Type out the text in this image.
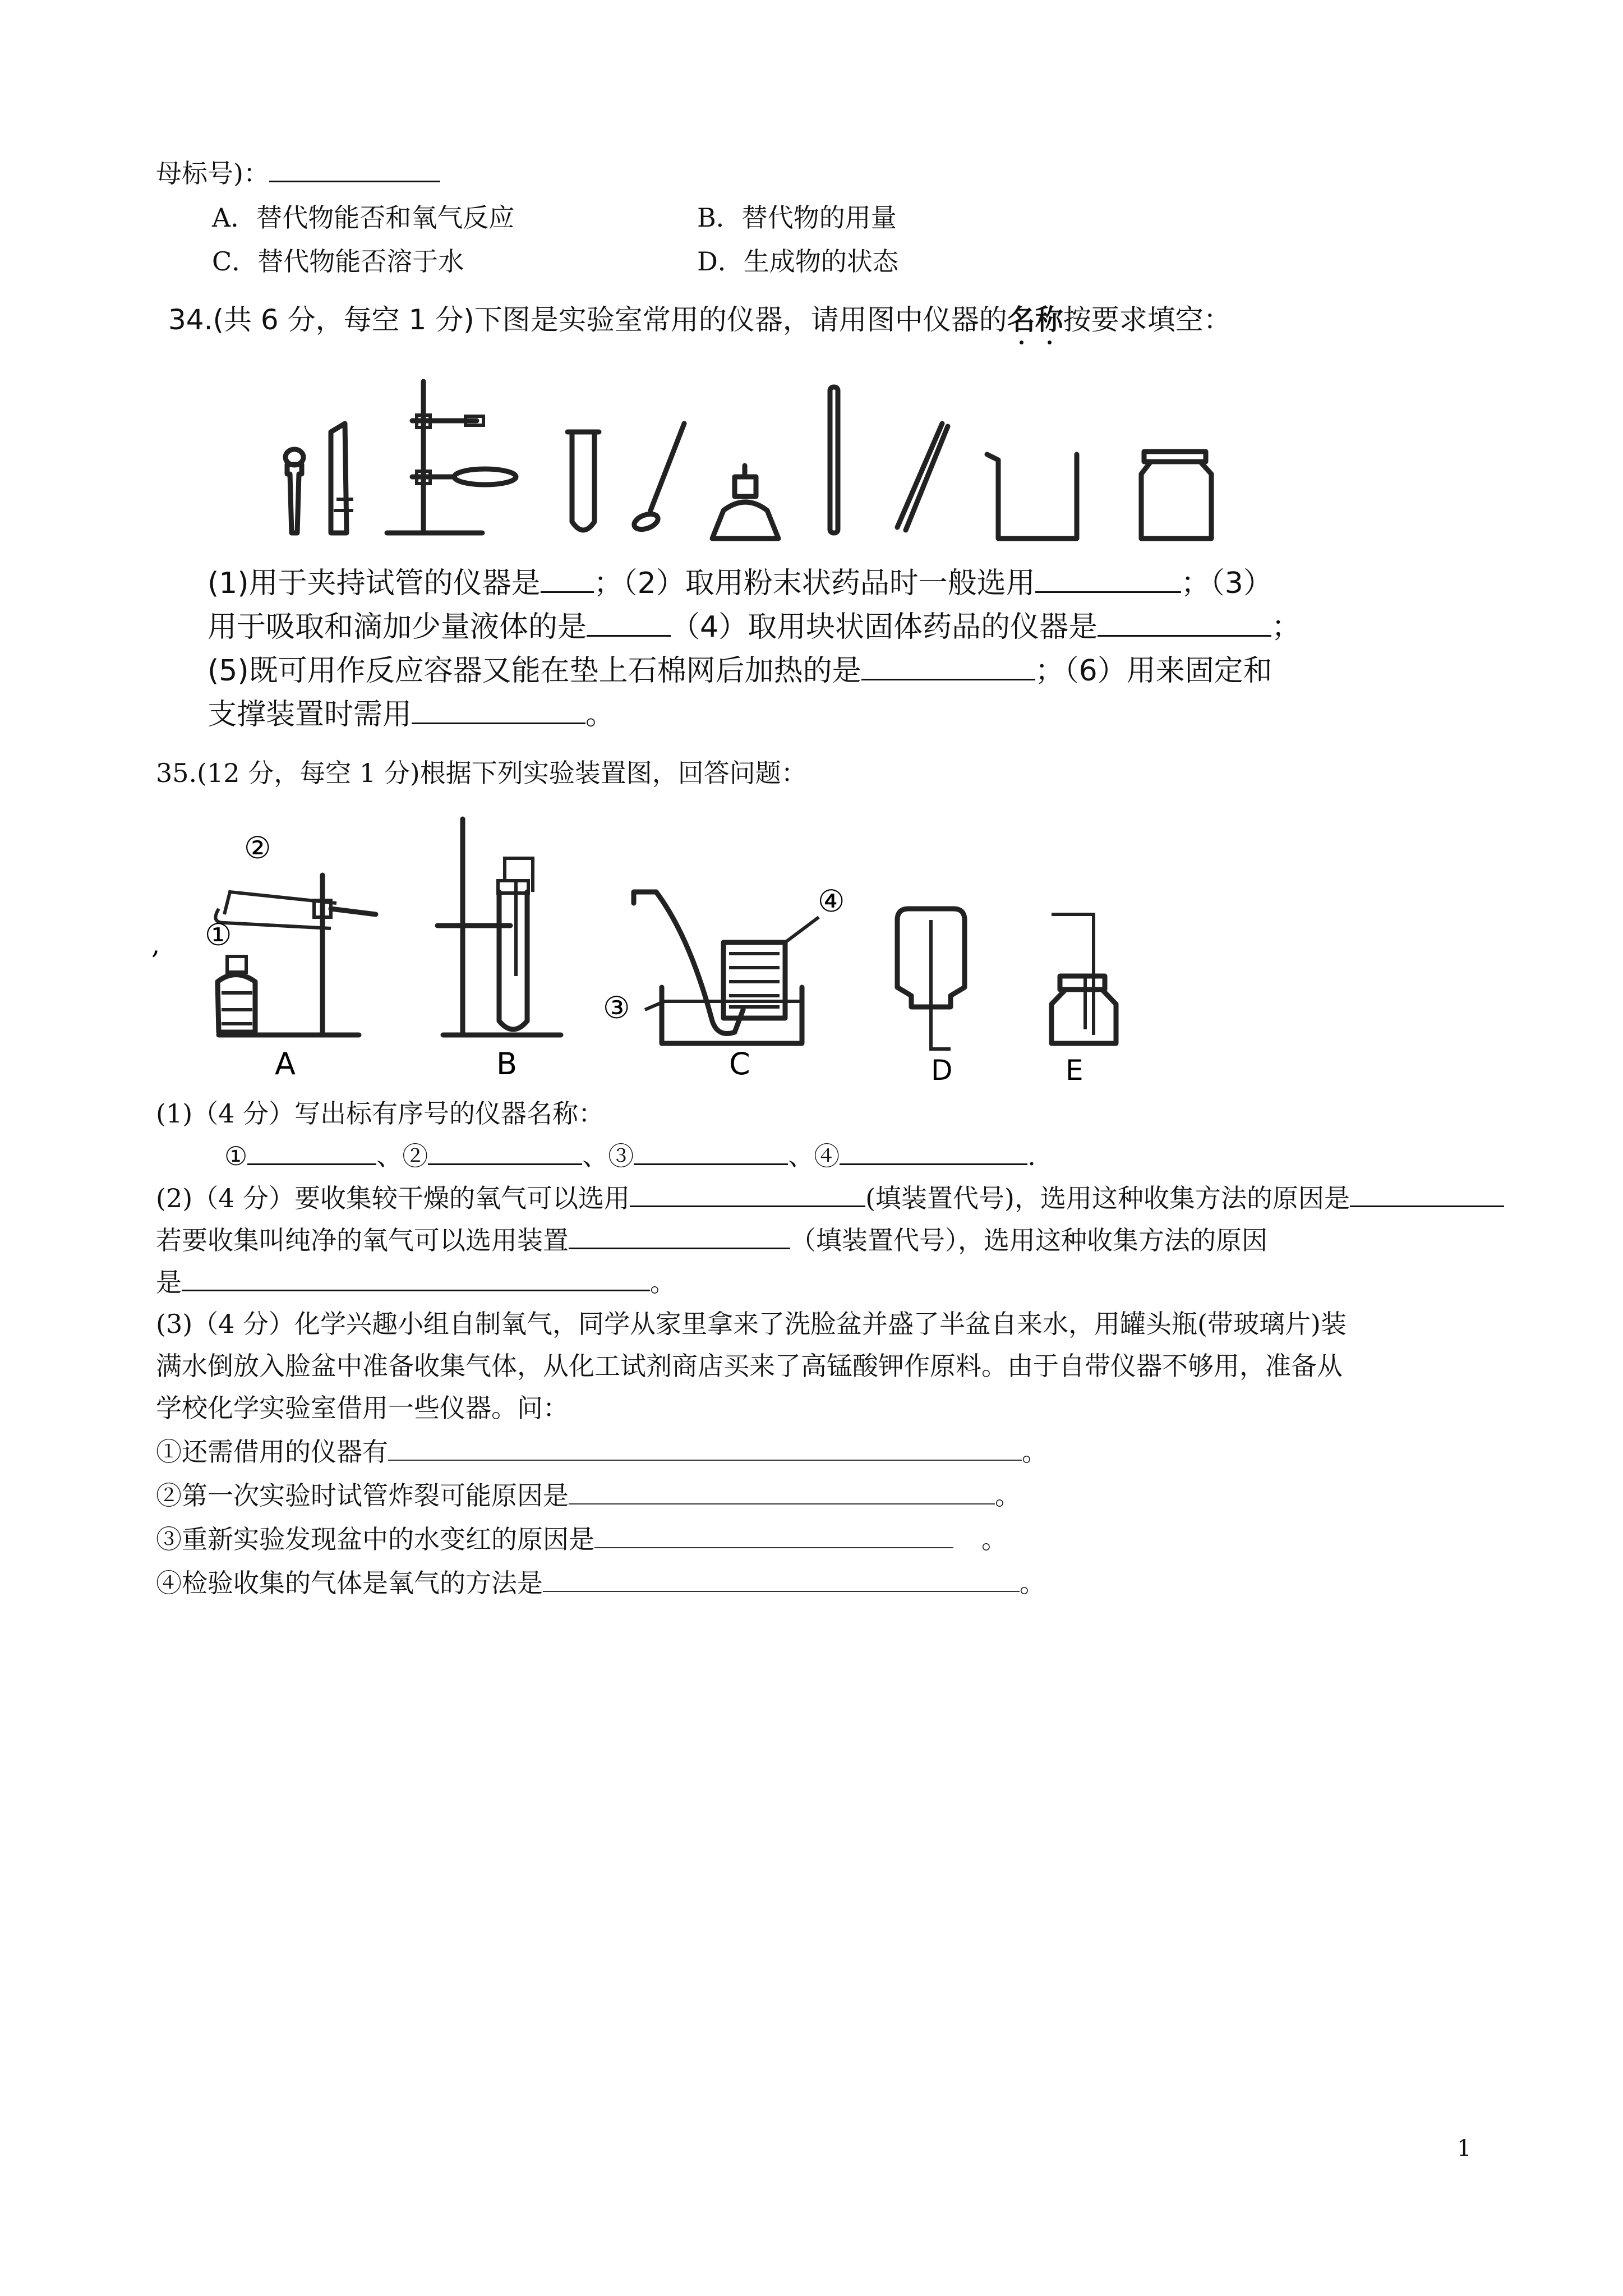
母标号)：
A．替代物能否和氧气反应	B．替代物的用量
C．替代物能否溶于水	D．生成物的状态
34.(共 6 分，每空 1 分)下图是实验室常用的仪器，请用图中仪器的名称按要求填空：
(1)用于夹持试管的仪器是 ；（2）取用粉末状药品时一般选用	；（3）
用于吸取和滴加少量液体的是	（4）取用块状固体药品的仪器是	；
(5)既可用作反应容器又能在垫上石棉网后加热的是	；（6）用来固定和
支撑装置时需用	。
35.(12 分，每空 1 分)根据下列实验装置图，回答问题：
, ①
②
A	B
④
③
C	D	E
(1)（4 分）写出标有序号的仪器名称：
①	、②	、③	、④	.
(2)（4 分）要收集较干燥的氧气可以选用	(填装置代号)，选用这种收集方法的原因是
若要收集叫纯净的氧气可以选用装置	（填装置代号），选用这种收集方法的原因
是	。
(3)（4 分）化学兴趣小组自制氧气，同学从家里拿来了洗脸盆并盛了半盆自来水，用罐头瓶(带玻璃片)装
满水倒放入脸盆中准备收集气体，从化工试剂商店买来了高锰酸钾作原料。由于自带仪器不够用，准备从
学校化学实验室借用一些仪器。问：
①还需借用的仪器有	。
②第一次实验时试管炸裂可能原因是	。
③重新实验发现盆中的水变红的原因是	。
④检验收集的气体是氧气的方法是	。
1
